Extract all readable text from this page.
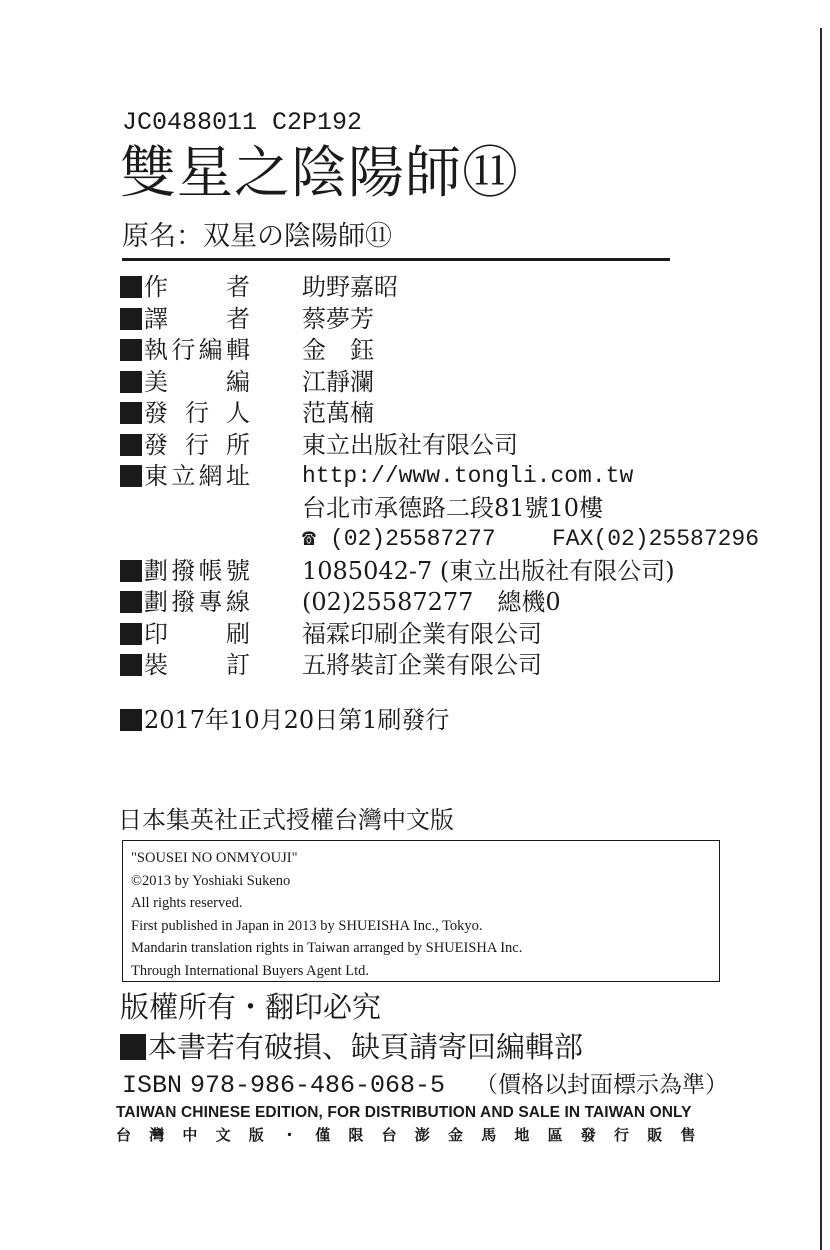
JC0488011 C2P192
雙星之陰陽師⑪
原名：双星の陰陽師⑪
作　者 助野嘉昭
譯　者 蔡夢芳
執行編輯 金　鈺
美　編 江靜瀾
發行人 范萬楠
發行所 東立出版社有限公司
東立網址 http://www.tongli.com.tw
台北市承德路二段81號10樓
☎ (02)25587277 FAX(02)25587296
劃撥帳號 1085042-7 (東立出版社有限公司)
劃撥專線 (02)25587277　總機0
印　刷 福霖印刷企業有限公司
裝　訂 五將裝訂企業有限公司
2017年10月20日第1刷發行
日本集英社正式授權台灣中文版
"SOUSEI NO ONMYOUJI"
©2013 by Yoshiaki Sukeno
All rights reserved.
First published in Japan in 2013 by SHUEISHA Inc., Tokyo.
Mandarin translation rights in Taiwan arranged by SHUEISHA Inc.
Through International Buyers Agent Ltd.
版權所有・翻印必究
本書若有破損、缺頁請寄回編輯部
ISBN 978-986-486-068-5 （價格以封面標示為準）
TAIWAN CHINESE EDITION, FOR DISTRIBUTION AND SALE IN TAIWAN ONLY
台灣中文版・僅限台澎金馬地區發行販售
